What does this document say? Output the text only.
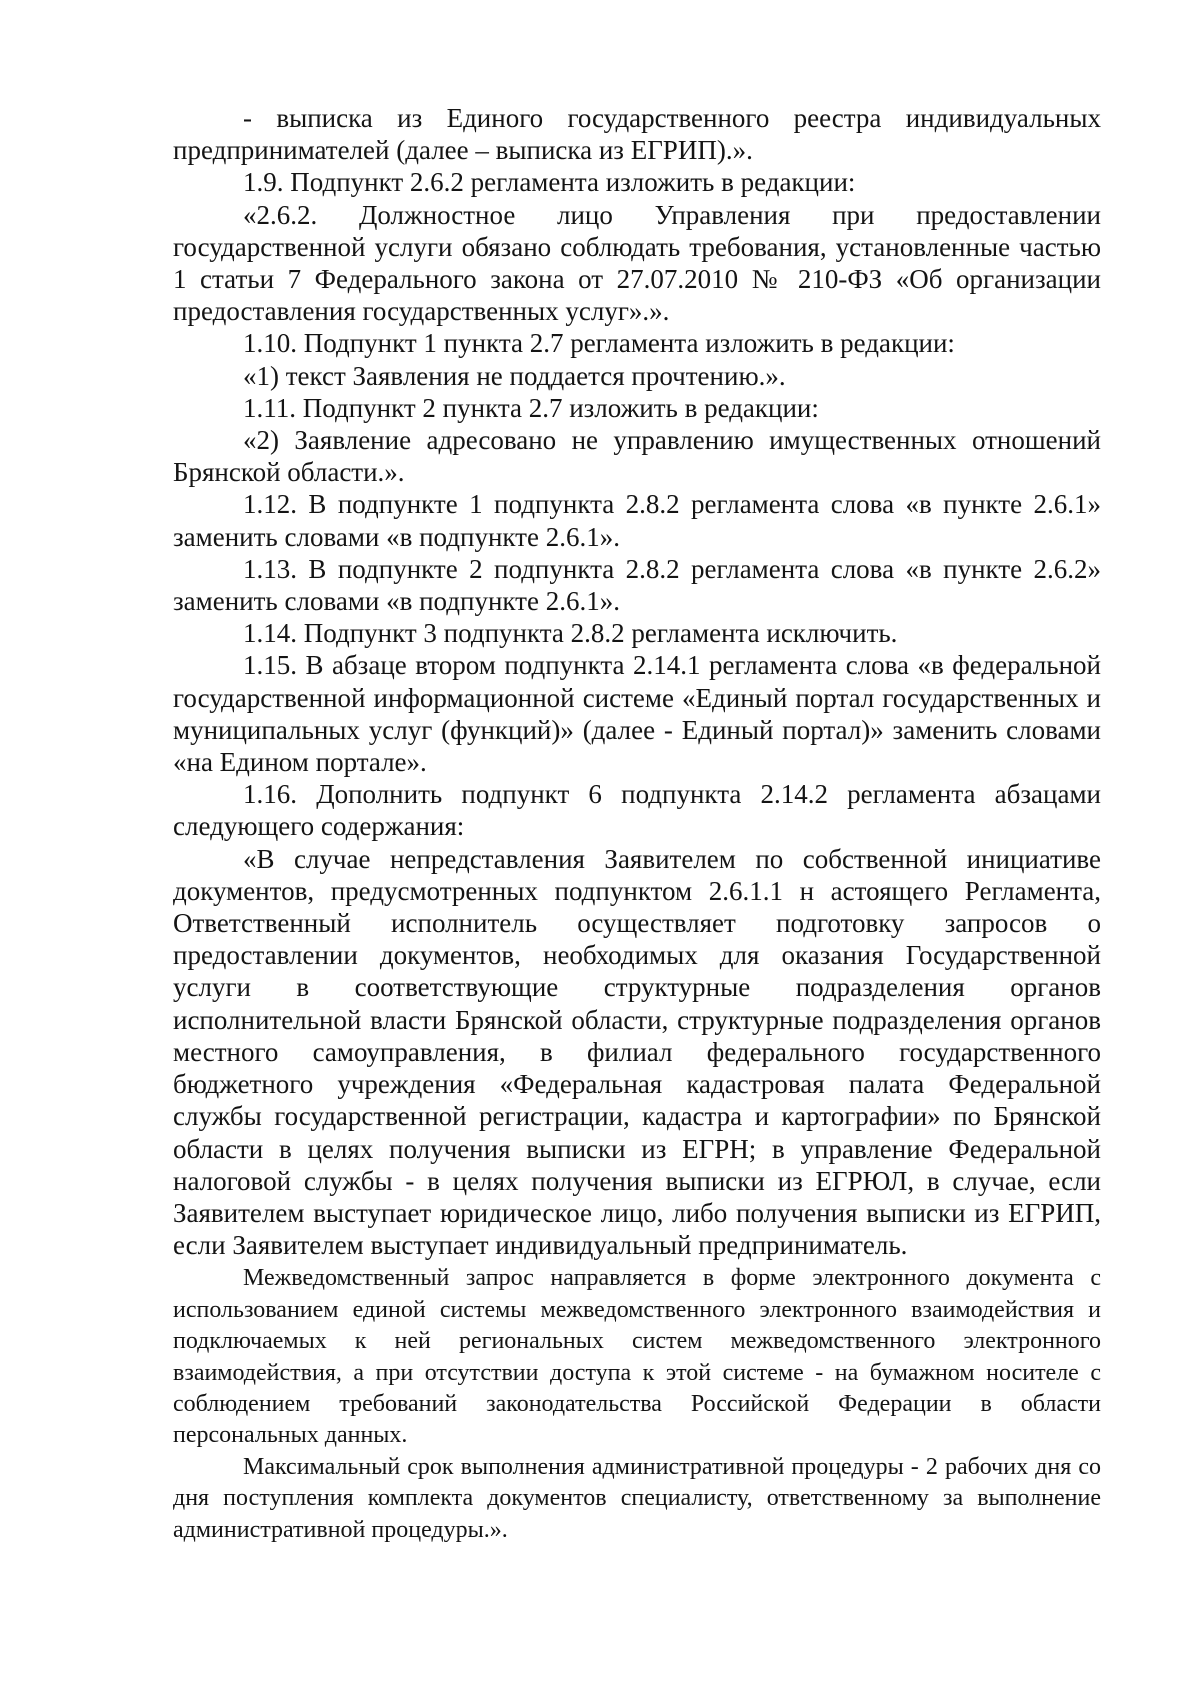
- выписка из Единого государственного реестра индивидуальных предпринимателей (далее – выписка из ЕГРИП).».

1.9. Подпункт 2.6.2 регламента изложить в редакции:

«2.6.2. Должностное лицо Управления при предоставлении государственной услуги обязано соблюдать требования, установленные частью 1 статьи 7 Федерального закона от 27.07.2010 № 210-ФЗ «Об организации предоставления государственных услуг».».

1.10. Подпункт 1 пункта 2.7 регламента изложить в редакции:

«1) текст Заявления не поддается прочтению.».

1.11. Подпункт 2 пункта 2.7 изложить в редакции:

«2) Заявление адресовано не управлению имущественных отношений Брянской области.».

1.12. В подпункте 1 подпункта 2.8.2 регламента слова «в пункте 2.6.1» заменить словами «в подпункте 2.6.1».

1.13. В подпункте 2 подпункта 2.8.2 регламента слова «в пункте 2.6.2» заменить словами «в подпункте 2.6.1».

1.14. Подпункт 3 подпункта 2.8.2 регламента исключить.

1.15. В абзаце втором подпункта 2.14.1 регламента слова «в федеральной государственной информационной системе «Единый портал государственных и муниципальных услуг (функций)» (далее - Единый портал)» заменить словами «на Едином портале».

1.16. Дополнить подпункт 6 подпункта 2.14.2 регламента абзацами следующего содержания:

«В случае непредставления Заявителем по собственной инициативе документов, предусмотренных подпунктом 2.6.1.1 н астоящего Регламента, Ответственный исполнитель осуществляет подготовку запросов о предоставлении документов, необходимых для оказания Государственной услуги в соответствующие структурные подразделения органов исполнительной власти Брянской области, структурные подразделения органов местного самоуправления, в филиал федерального государственного бюджетного учреждения «Федеральная кадастровая палата Федеральной службы государственной регистрации, кадастра и картографии» по Брянской области в целях получения выписки из ЕГРН; в управление Федеральной налоговой службы - в целях получения выписки из ЕГРЮЛ, в случае, если Заявителем выступает юридическое лицо, либо получения выписки из ЕГРИП, если Заявителем выступает индивидуальный предприниматель.

Межведомственный запрос направляется в форме электронного документа с использованием единой системы межведомственного электронного взаимодействия и подключаемых к ней региональных систем межведомственного электронного взаимодействия, а при отсутствии доступа к этой системе - на бумажном носителе с соблюдением требований законодательства Российской Федерации в области персональных данных.

Максимальный срок выполнения административной процедуры - 2 рабочих дня со дня поступления комплекта документов специалисту, ответственному за выполнение административной процедуры.».
